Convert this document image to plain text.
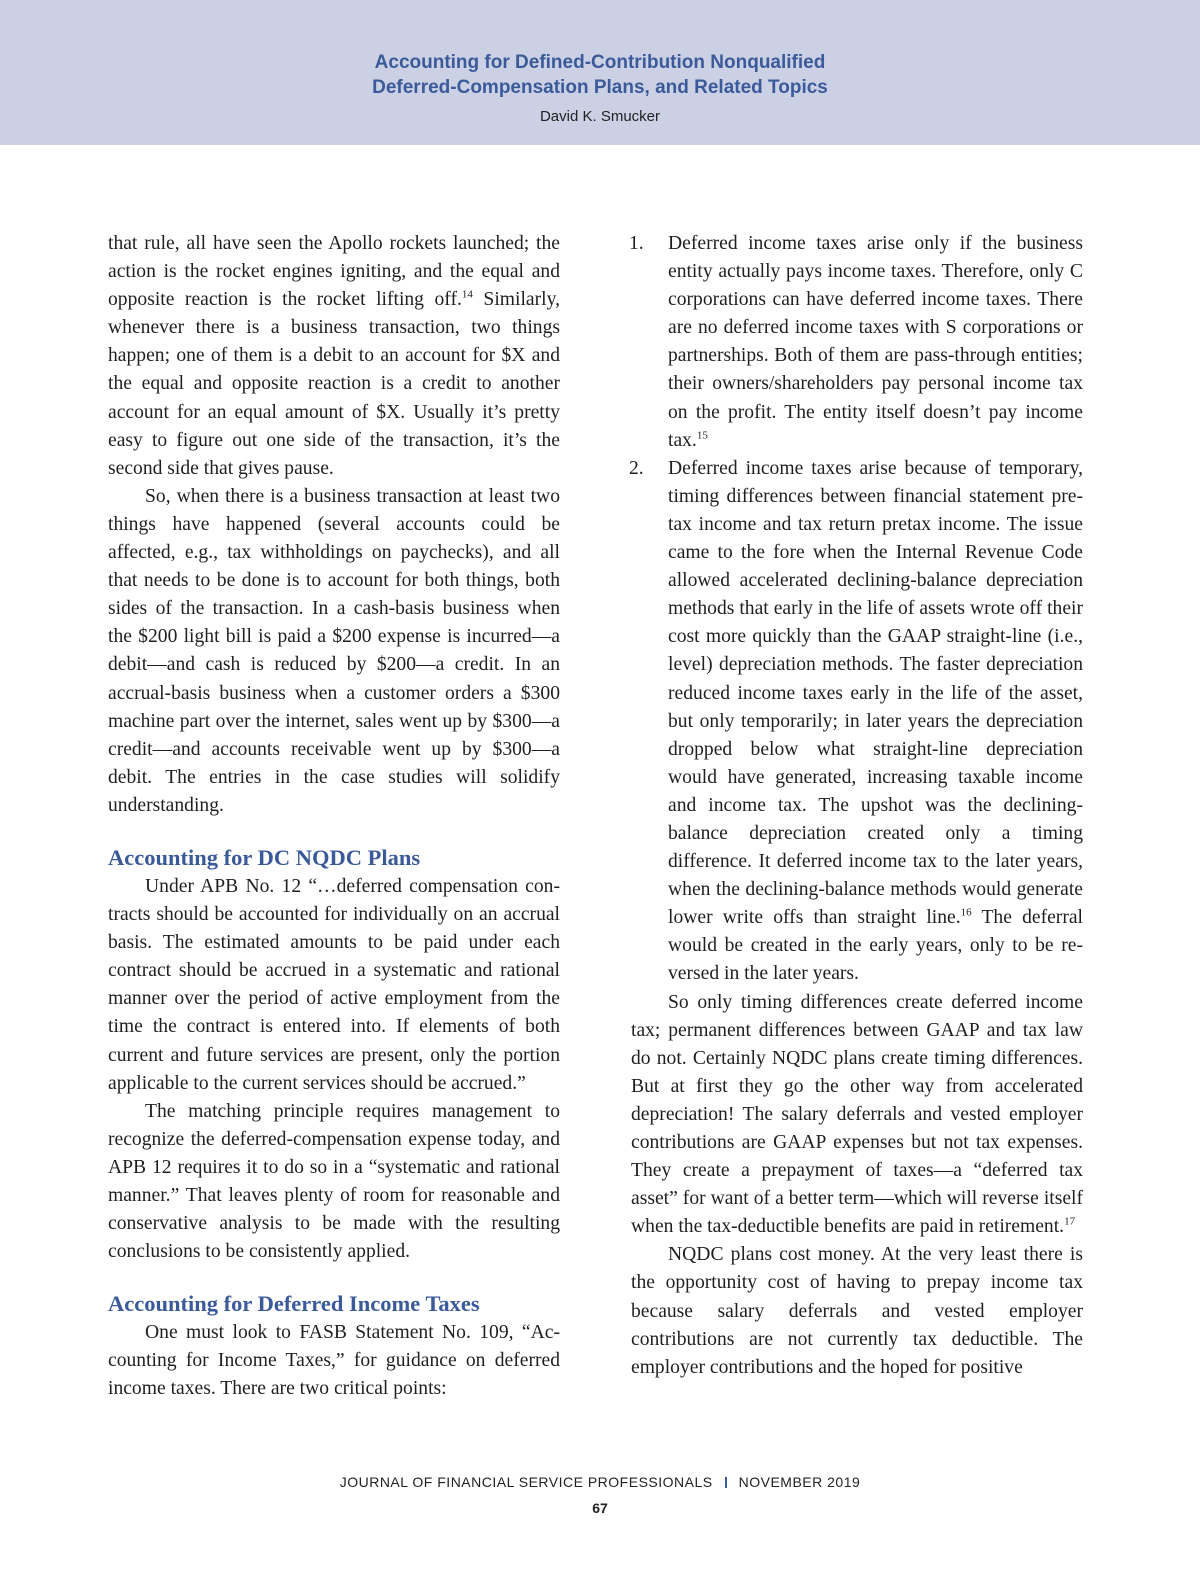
Accounting for Defined-Contribution Nonqualified
Deferred-Compensation Plans, and Related Topics
David K. Smucker

that rule, all have seen the Apollo rockets launched; the action is the rocket engines igniting, and the equal and opposite reaction is the rocket lifting off.$^{14}$ Similarly, whenever there is a business transaction, two things happen; one of them is a debit to an account for $X and the equal and opposite reaction is a credit to another account for an equal amount of $X. Usually it’s pretty easy to figure out one side of the transaction, it’s the second side that gives pause.

So, when there is a business transaction at least two things have happened (several accounts could be affected, e.g., tax withholdings on paychecks), and all that needs to be done is to account for both things, both sides of the transaction. In a cash-basis business when the $200 light bill is paid a $200 expense is incurred—a debit—and cash is reduced by $200—a credit. In an accrual-basis business when a customer orders a $300 machine part over the internet, sales went up by $300—a credit—and accounts receivable went up by $300—a debit. The entries in the case studies will solidify understanding.

Accounting for DC NQDC Plans

Under APB No. 12 “…deferred compensation contracts should be accounted for individually on an accrual basis. The estimated amounts to be paid under each contract should be accrued in a systematic and rational manner over the period of active employment from the time the contract is entered into. If elements of both current and future services are present, only the portion applicable to the current services should be accrued.”

The matching principle requires management to recognize the deferred-compensation expense today, and APB 12 requires it to do so in a “systematic and rational manner.” That leaves plenty of room for reasonable and conservative analysis to be made with the resulting conclusions to be consistently applied.

Accounting for Deferred Income Taxes

One must look to FASB Statement No. 109, “Accounting for Income Taxes,” for guidance on deferred income taxes. There are two critical points:

1. Deferred income taxes arise only if the business entity actually pays income taxes. Therefore, only C corporations can have deferred income taxes. There are no deferred income taxes with S corporations or partnerships. Both of them are pass-through entities; their owners/shareholders pay personal income tax on the profit. The entity itself doesn’t pay income tax.$^{15}$
2. Deferred income taxes arise because of temporary, timing differences between financial statement pretax income and tax return pretax income. The issue came to the fore when the Internal Revenue Code allowed accelerated declining-balance depreciation methods that early in the life of assets wrote off their cost more quickly than the GAAP straight-line (i.e., level) depreciation methods. The faster depreciation reduced income taxes early in the life of the asset, but only temporarily; in later years the depreciation dropped below what straight-line depreciation would have generated, increasing taxable income and income tax. The upshot was the declining-balance depreciation created only a timing difference. It deferred income tax to the later years, when the declining-balance methods would generate lower write offs than straight line.$^{16}$ The deferral would be created in the early years, only to be reversed in the later years.

So only timing differences create deferred income tax; permanent differences between GAAP and tax law do not. Certainly NQDC plans create timing differences. But at first they go the other way from accelerated depreciation! The salary deferrals and vested employer contributions are GAAP expenses but not tax expenses. They create a prepayment of taxes—a “deferred tax asset” for want of a better term—which will reverse itself when the tax-deductible benefits are paid in retirement.$^{17}$

NQDC plans cost money. At the very least there is the opportunity cost of having to prepay income tax because salary deferrals and vested employer contributions are not currently tax deductible. The employer contributions and the hoped for positive

JOURNAL OF FINANCIAL SERVICE PROFESSIONALS NOVEMBER 2019
67
